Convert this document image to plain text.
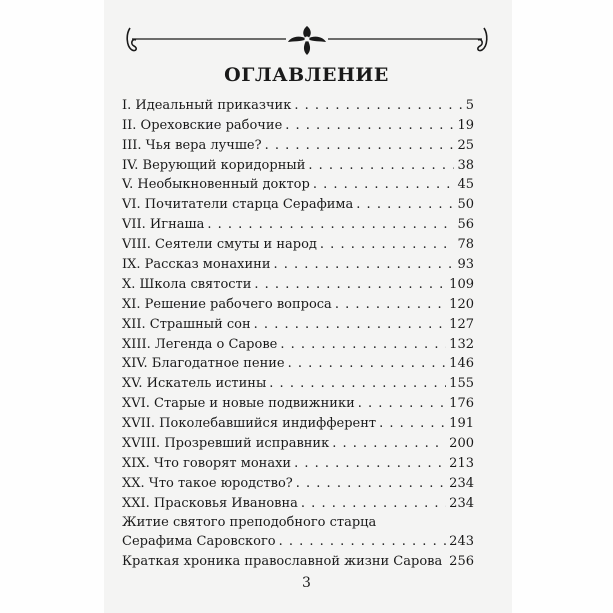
ОГЛАВЛЕНИЕ
I. Идеальный приказчик . . .	5
II. Ореховские рабочие . . .	19
III. Чья вера лучше? . . .	25
IV. Верующий коридорный . . .	38
V. Необыкновенный доктор . . .	45
VI. Почитатели старца Серафима . . .	50
VII. Игнаша . . .	56
VIII. Сеятели смуты и народ . . .	78
IX. Рассказ монахини . . .	93
X. Школа святости . . .	109
XI. Решение рабочего вопроса . . .	120
XII. Страшный сон . . .	127
XIII. Легенда о Сарове . . .	132
XIV. Благодатное пение . . .	146
XV. Искатель истины . . .	155
XVI. Старые и новые подвижники . . .	176
XVII. Поколебавшийся индифферент . . .	191
XVIII. Прозревший исправник . . .	200
XIX. Что говорят монахи . . .	213
XX. Что такое юродство? . . .	234
XXI. Прасковья Ивановна . . .	234
Житие святого преподобного старца
Серафима Саровского . . .	243
Краткая хроника православной жизни Сарова . . . 256
3
